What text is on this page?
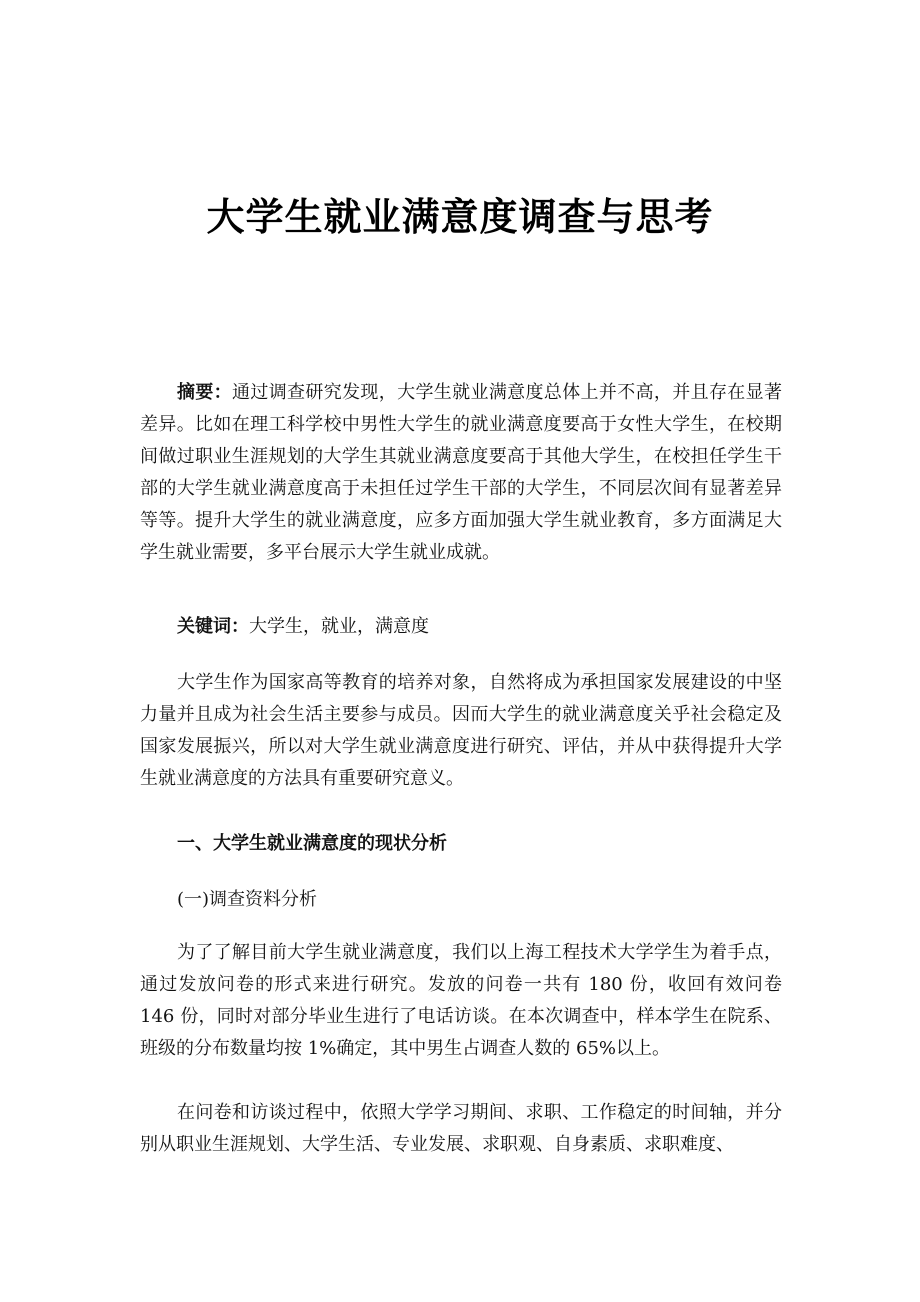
大学生就业满意度调查与思考

摘要：通过调查研究发现，大学生就业满意度总体上并不高，并且存在显著差异。比如在理工科学校中男性大学生的就业满意度要高于女性大学生，在校期间做过职业生涯规划的大学生其就业满意度要高于其他大学生，在校担任学生干部的大学生就业满意度高于未担任过学生干部的大学生，不同层次间有显著差异等等。提升大学生的就业满意度，应多方面加强大学生就业教育，多方面满足大学生就业需要，多平台展示大学生就业成就。

关键词：大学生，就业，满意度

大学生作为国家高等教育的培养对象，自然将成为承担国家发展建设的中坚力量并且成为社会生活主要参与成员。因而大学生的就业满意度关乎社会稳定及国家发展振兴，所以对大学生就业满意度进行研究、评估，并从中获得提升大学生就业满意度的方法具有重要研究意义。

一、大学生就业满意度的现状分析

(一)调查资料分析

为了了解目前大学生就业满意度，我们以上海工程技术大学学生为着手点，通过发放问卷的形式来进行研究。发放的问卷一共有 180 份，收回有效问卷 146 份，同时对部分毕业生进行了电话访谈。在本次调查中，样本学生在院系、班级的分布数量均按 1%确定，其中男生占调查人数的 65%以上。

在问卷和访谈过程中，依照大学学习期间、求职、工作稳定的时间轴，并分别从职业生涯规划、大学生活、专业发展、求职观、自身素质、求职难度、
